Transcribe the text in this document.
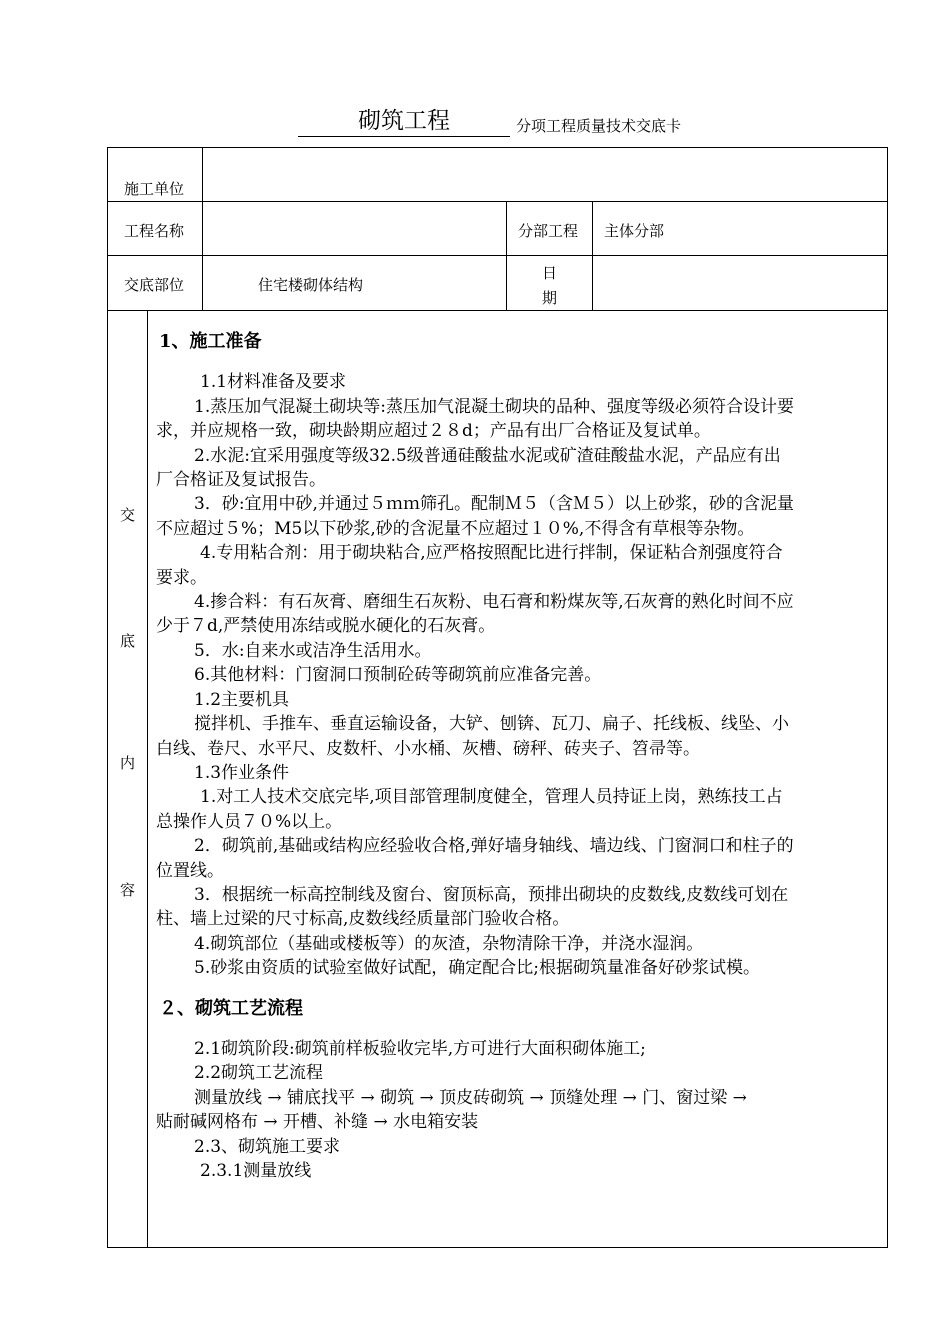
砌筑工程	分项工程质量技术交底卡
施工单位
工程名称	分部工程 主体分部
交底部位	住宅楼砌体结构
日
期
交
底
内
容

1、施工准备

1.1材料准备及要求

1.蒸压加气混凝土砌块等:蒸压加气混凝土砌块的品种、强度等级必须符合设计要

求，并应规格一致，砌块龄期应超过２８d；产品有出厂合格证及复试单。

2.水泥:宜采用强度等级32.5级普通硅酸盐水泥或矿渣硅酸盐水泥，产品应有出

厂合格证及复试报告。

3．砂:宜用中砂,并通过５ｍｍ筛孔。配制Ｍ５（含Ｍ５）以上砂浆，砂的含泥量

不应超过５%；M5以下砂浆,砂的含泥量不应超过１０%,不得含有草根等杂物。

4.专用粘合剂：用于砌块粘合,应严格按照配比进行拌制，保证粘合剂强度符合

要求。

4.掺合料：有石灰膏、磨细生石灰粉、电石膏和粉煤灰等,石灰膏的熟化时间不应

少于７d,严禁使用冻结或脱水硬化的石灰膏。

5．水:自来水或洁净生活用水。

6.其他材料：门窗洞口预制砼砖等砌筑前应准备完善。

1.2主要机具

搅拌机、手推车、垂直运输设备，大铲、刨锛、瓦刀、扁子、托线板、线坠、小

白线、卷尺、水平尺、皮数杆、小水桶、灰槽、磅秤、砖夹子、笤帚等。

1.3作业条件

1.对工人技术交底完毕,项目部管理制度健全，管理人员持证上岗，熟练技工占

总操作人员７０%以上。

2．砌筑前,基础或结构应经验收合格,弹好墙身轴线、墙边线、门窗洞口和柱子的

位置线。

3．根据统一标高控制线及窗台、窗顶标高，预排出砌块的皮数线,皮数线可划在

柱、墙上过梁的尺寸标高,皮数线经质量部门验收合格。

4.砌筑部位（基础或楼板等）的灰渣，杂物清除干净，并浇水湿润。

5.砂浆由资质的试验室做好试配，确定配合比;根据砌筑量准备好砂浆试模。

２、砌筑工艺流程

2.1砌筑阶段:砌筑前样板验收完毕,方可进行大面积砌体施工;

2.2砌筑工艺流程

测量放线 → 铺底找平 → 砌筑 → 顶皮砖砌筑 → 顶缝处理 → 门、窗过梁 →

贴耐碱网格布 → 开槽、补缝 → 水电箱安装

2.3、砌筑施工要求

2.3.1测量放线
